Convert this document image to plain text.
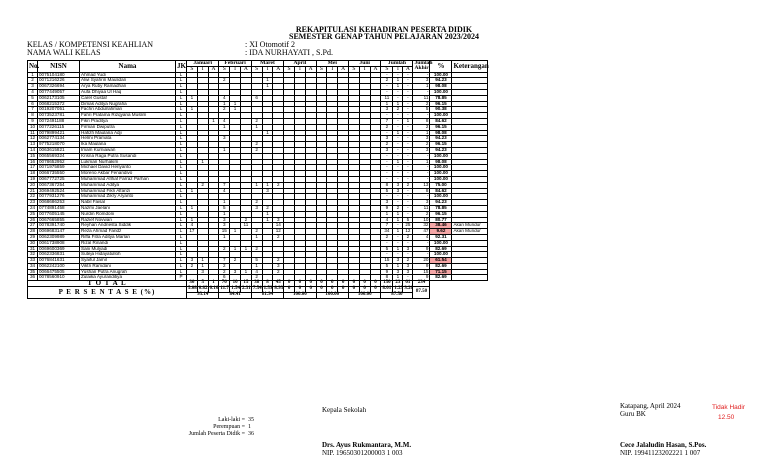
REKAPITULASI KEHADIRAN PESERTA DIDIK
SEMESTER GENAP TAHUN PELAJARAN 2023/2024
KELAS / KOMPETENSI KEAHLIAN	: XI Otomotif 2
NAMA WALI KELAS	: IDA NURHAYATI , S.Pd.
No.	NISN	Nama	JK	Januari			Februari			Maret			April			Mei			Juni			Jumlah			Jumlah Akhir	%	Keterangan
				S	I	A	S	I	A	S	I	A	S	I	A	S	I	A	S	I	A	S	I	A			
1	0075104180	Ahmad Yudi	L																			-	-	-	-	100.00	
2	0071216226	Alwi Syahrin Maulidan	L				2				1											2	1	-	3	94.23	
3	0067326694	Arya Ruby Ramadhan	L								1											-	1	-	1	98.08	
4	0077449057	Aufa Dhiyaa Ul Haq	L																			-	-	-	-	100.00	
5	0062173105	Carel Gustaf	L	1			4			6												11	-	-	11	78.85	
6	0068215372	Dimas Aditya Nugraha	L				1	1														1	1	-	2	96.15	
7	0019207051	Fachri Abdulrahman	L	1			2	1														3	2	-	5	90.38	
8	0073523781	Fahri Pratama Rizqyana Muslim	L																			-	-	-	-	100.00	
9	0072491188	Fikri Praditya	L			1	4			2												7	-	1	8	84.62	
10	0077226115	Firman Dwiputra	L				1			1												2	-	-	2	96.15	
11	0079899421	Hafizh Maulana Adji	L								1											-	1	-	1	98.08	
12	0062774134	Helmi Pramata	L				3															3	-	-	3	94.23	
13	9775218070	Ika Maulana	L							2												2	-	-	2	96.15	
14	0063615821	Imam Kurniawan	L				1			2												3	-	-	3	94.23	
15	0065569324	Krisna Raga Putra Susandi	L																			-	-	-	-	100.00	
16	0078652952	Lukman Nurhakim	L		1																	-	1	-	1	98.08	
17	0071975859	Michael David Heriyanto	L																			-	-	-	-	100.00	
18	0066735550	Moreno Akbar Fenandivo	L																			-	-	-	-	100.00	
19	0067772725	Muhammad Aflhaf Farraz Parhan	L																			-	-	-	-	100.00	
20	0067367254	Muhammad Aditya	L		2		7			1	1	2										8	3	2	13	75.00	
21	3069492524	Muhammad Fikri Alfarizi	L	1			4				3											5	3	-	8	84.62	
22	0077931276	Muhammad Zikry Aryanto	L																			-	-	-	-	100.00	
23	0068686253	Nabil Faisal	L				1			2												3	-	-	3	94.23	
24	0774891458	Nazmi Jaelani	L	1			5			3	2											9	2	-	11	78.85	
25	0077605145	Nurdin Romdoni	L				1				1											1	1	-	2	96.15	
26	0067665855	Razief Novwan	L	1			3		2		1	3										4	1	5	10	80.77	
27	0078391740	Reyhan Andriesta Siddik	L	4			3		11			14										7	-	25	32	38.46	Akan Mundur
28	0069683147	Reza Ahmad Faridz	L	17			15	1		2		12										34	1	12	47	9.62	Akan Mundur
29	0062309989	Riffa Fitra Aditya Marlan	L				1			1		2										2	-	2	4	92.31	
30	0061738908	Rizal Rinandi	L																			-	-	-	-	100.00	
31	0069600369	Sani Mulyadi	L				2	1	1	2												5	1	3	9	82.69	
32	0062336831	Suteja Hidayatulloh	L																			-	-	-	-	100.00	
33	0076841631	Syaiful Jamil	L	3	1		7	2		5		2										15	3	2	20	61.54	
34	0062242100	Viktri Ramdani	L	2	1		2			1		3										5	1	3	9	82.69	
35	0066475505	Yushan Putra Anugrah	L		3		2	3	1	4		2										9	3	3	15	71.15	
36	0078560910	Zulaika Ayuranditiya	P				6			2												8	1	-	9	82.69	
T O T A L				36	5	1	76	10	15	38	8	45	0	0	0	0	0	0	0	0	0	150	23	61	234		
P E R S E N T A S E (%)				5.08	0.82	0.16	11.7	1.54	2.31	7.54	1.59	8.93	0	0	0	0	0	0	0	0	0	8.01	1.23	3.26	87.50		
				93.14			84.41			81.94			100.00			100.00			100.00			87.50					
Tidak Hadir
12.50
Laki-laki = 35
Perempuan = 1
Jumlah Peserta Didik = 36
Kepala Sekolah
Drs. Ayus Rukmantara, M.M.
NIP. 19650301200003 1 003
Katapang, April 2024
Guru BK
Cece Jalaludin Hasan, S.Pos.
NIP. 19941123202221 1 007
